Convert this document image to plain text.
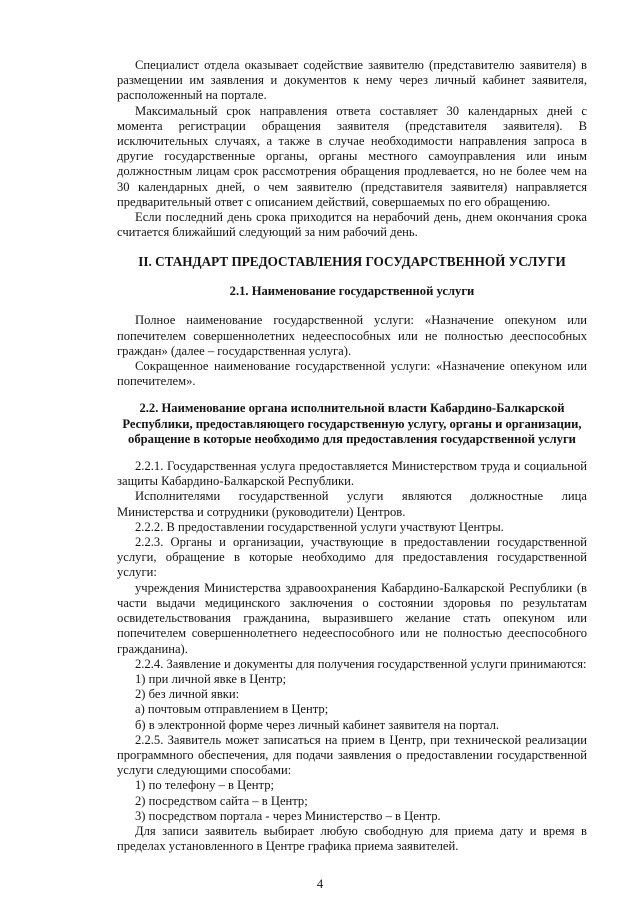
Специалист отдела оказывает содействие заявителю (представителю заявителя) в размещении им заявления и документов к нему через личный кабинет заявителя, расположенный на портале.

Максимальный срок направления ответа составляет 30 календарных дней с момента регистрации обращения заявителя (представителя заявителя). В исключительных случаях, а также в случае необходимости направления запроса в другие государственные органы, органы местного самоуправления или иным должностным лицам срок рассмотрения обращения продлевается, но не более чем на 30 календарных дней, о чем заявителю (представителя заявителя) направляется предварительный ответ с описанием действий, совершаемых по его обращению.

Если последний день срока приходится на нерабочий день, днем окончания срока считается ближайший следующий за ним рабочий день.

II. СТАНДАРТ ПРЕДОСТАВЛЕНИЯ ГОСУДАРСТВЕННОЙ УСЛУГИ
2.1. Наименование государственной услуги

Полное наименование государственной услуги: «Назначение опекуном или попечителем совершеннолетних недееспособных или не полностью дееспособных граждан» (далее – государственная услуга).

Сокращенное наименование государственной услуги: «Назначение опекуном или попечителем».

2.2. Наименование органа исполнительной власти Кабардино-Балкарской Республики, предоставляющего государственную услугу, органы и организации, обращение в которые необходимо для предоставления государственной услуги

2.2.1. Государственная услуга предоставляется Министерством труда и социальной защиты Кабардино-Балкарской Республики.

Исполнителями государственной услуги являются должностные лица Министерства и сотрудники (руководители) Центров.

2.2.2. В предоставлении государственной услуги участвуют Центры.

2.2.3. Органы и организации, участвующие в предоставлении государственной услуги, обращение в которые необходимо для предоставления государственной услуги:

учреждения Министерства здравоохранения Кабардино-Балкарской Республики (в части выдачи медицинского заключения о состоянии здоровья по результатам освидетельствования гражданина, выразившего желание стать опекуном или попечителем совершеннолетнего недееспособного или не полностью дееспособного гражданина).

2.2.4. Заявление и документы для получения государственной услуги принимаются:

1) при личной явке в Центр;

2) без личной явки:

а) почтовым отправлением в Центр;

б) в электронной форме через личный кабинет заявителя на портал.

2.2.5. Заявитель может записаться на прием в Центр, при технической реализации программного обеспечения, для подачи заявления о предоставлении государственной услуги следующими способами:

1) по телефону – в Центр;

2) посредством сайта – в Центр;

3) посредством портала - через Министерство – в Центр.

Для записи заявитель выбирает любую свободную для приема дату и время в пределах установленного в Центре графика приема заявителей.

4
